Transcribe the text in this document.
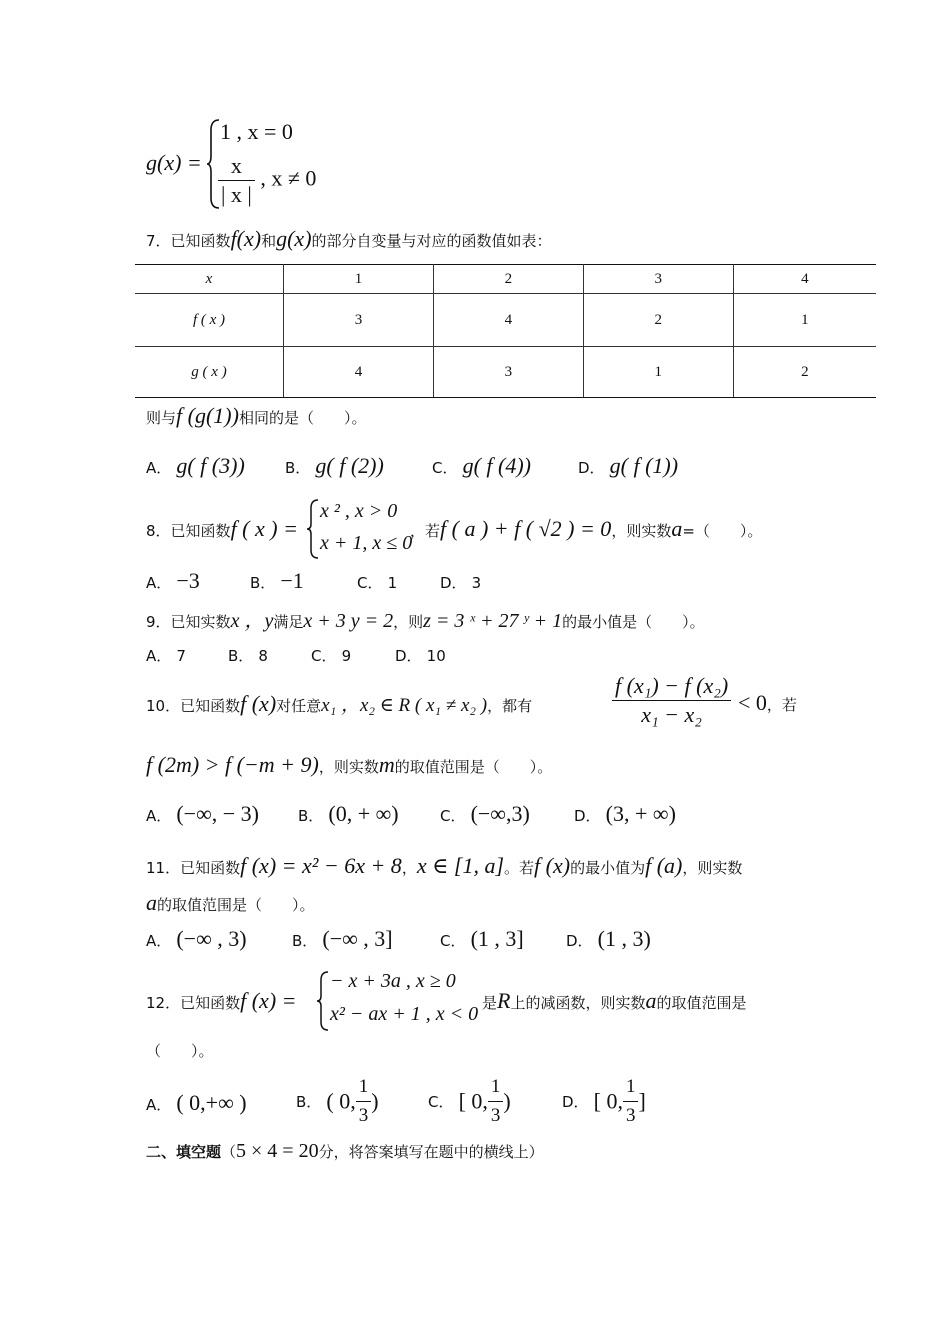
g(x) =
1 , x = 0
$\frac{x}{| x |}$ , x ≠ 0
7．已知函数f(x)和g(x)的部分自变量与对应的函数值如表：
x	1	2	3	4
f ( x )	3	4	2	1
g ( x )	4	3	1	2
则与f (g(1))相同的是（　　）。
A． g( f (3))	B． g( f (2))	C． g( f (4))	D． g( f (1))
8．已知函数f ( x ) =
x ² , x > 0
x + 1, x ≤ 0
，若f ( a ) + f ( √2 ) = 0，则实数a=（　　）。
A． −3	B． −1	C． 1	D． 3
9．已知实数x ，y满足x + 3 y = 2，则z = 3 ˣ + 27 ʸ + 1的最小值是（　　）。
A． 7	B． 8	C． 9	D． 10
10．已知函数f (x)对任意x₁ ，x₂ ∈ R ( x₁ ≠ x₂ )，都有	$\frac{\text{f (x₁) − f (x₂)}}{\text{x₁ − x₂}} < 0$，若
f (2m) > f (−m + 9)，则实数m的取值范围是（　　）。
A． (−∞, − 3)	B． (0, + ∞)	C． (−∞,3)	D． (3, + ∞)
11．已知函数f (x) = x² − 6x + 8，x ∈ [1, a]。若f (x)的最小值为f (a)，则实数
a的取值范围是（　　）。
A． (−∞ , 3)	B． (−∞ , 3]	C． (1 , 3]	D． (1 , 3)
12．已知函数f (x) =
− x + 3a , x ≥ 0
x² − ax + 1 , x < 0 是R上的减函数，则实数a的取值范围是
（　　）。
A． ( 0,+∞ )	B． ( 0, $\frac{1}{3}$ )	C． [ 0, $\frac{1}{3}$ )	D． [ 0, $\frac{1}{3}$ ]
二、填空题（5 × 4 = 20分，将答案填写在题中的横线上）
